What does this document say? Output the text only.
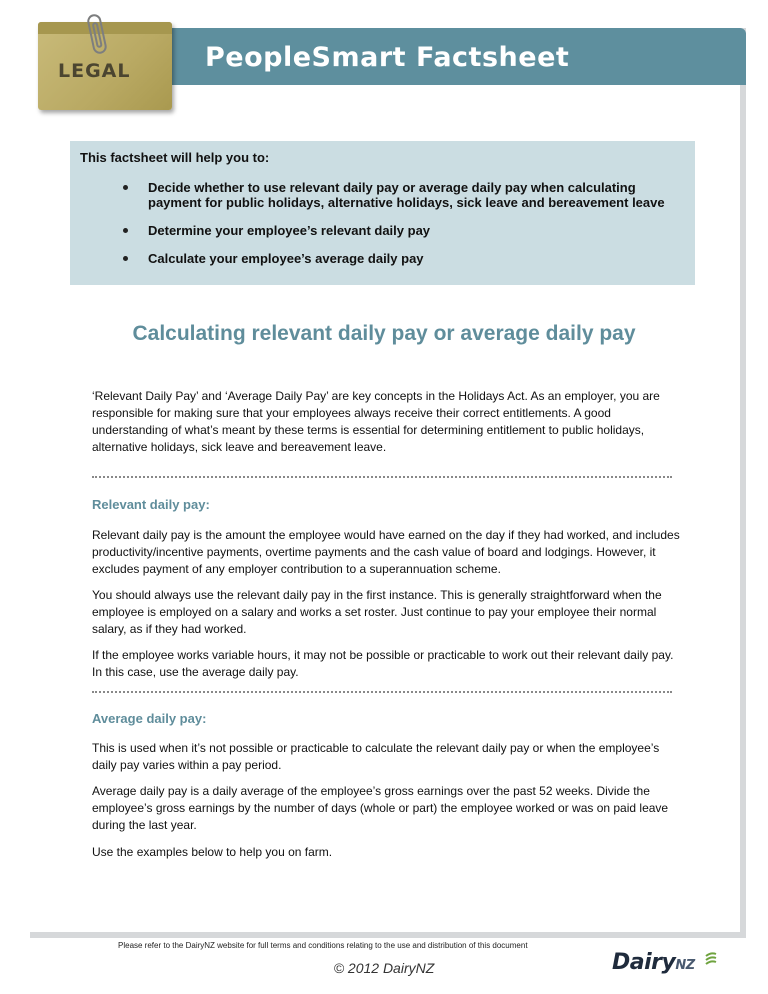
PeopleSmart Factsheet
LEGAL
This factsheet will help you to:
Decide whether to use relevant daily pay or average daily pay when calculating payment for public holidays, alternative holidays, sick leave and bereavement leave
Determine your employee’s relevant daily pay
Calculate your employee’s average daily pay
Calculating relevant daily pay or average daily pay

‘Relevant Daily Pay’ and ‘Average Daily Pay’ are key concepts in the Holidays Act. As an employer, you are responsible for making sure that your employees always receive their correct entitlements. A good understanding of what’s meant by these terms is essential for determining entitlement to public holidays, alternative holidays, sick leave and bereavement leave.

Relevant daily pay:

Relevant daily pay is the amount the employee would have earned on the day if they had worked, and includes productivity/incentive payments, overtime payments and the cash value of board and lodgings. However, it excludes payment of any employer contribution to a superannuation scheme.

You should always use the relevant daily pay in the first instance. This is generally straightforward when the employee is employed on a salary and works a set roster. Just continue to pay your employee their normal salary, as if they had worked.

If the employee works variable hours, it may not be possible or practicable to work out their relevant daily pay. In this case, use the average daily pay.

Average daily pay:

This is used when it’s not possible or practicable to calculate the relevant daily pay or when the employee’s daily pay varies within a pay period.

Average daily pay is a daily average of the employee’s gross earnings over the past 52 weeks. Divide the employee’s gross earnings by the number of days (whole or part) the employee worked or was on paid leave during the last year.

Use the examples below to help you on farm.

Please refer to the DairyNZ website for full terms and conditions relating to the use and distribution of this document
© 2012 DairyNZ	DairyNZ
